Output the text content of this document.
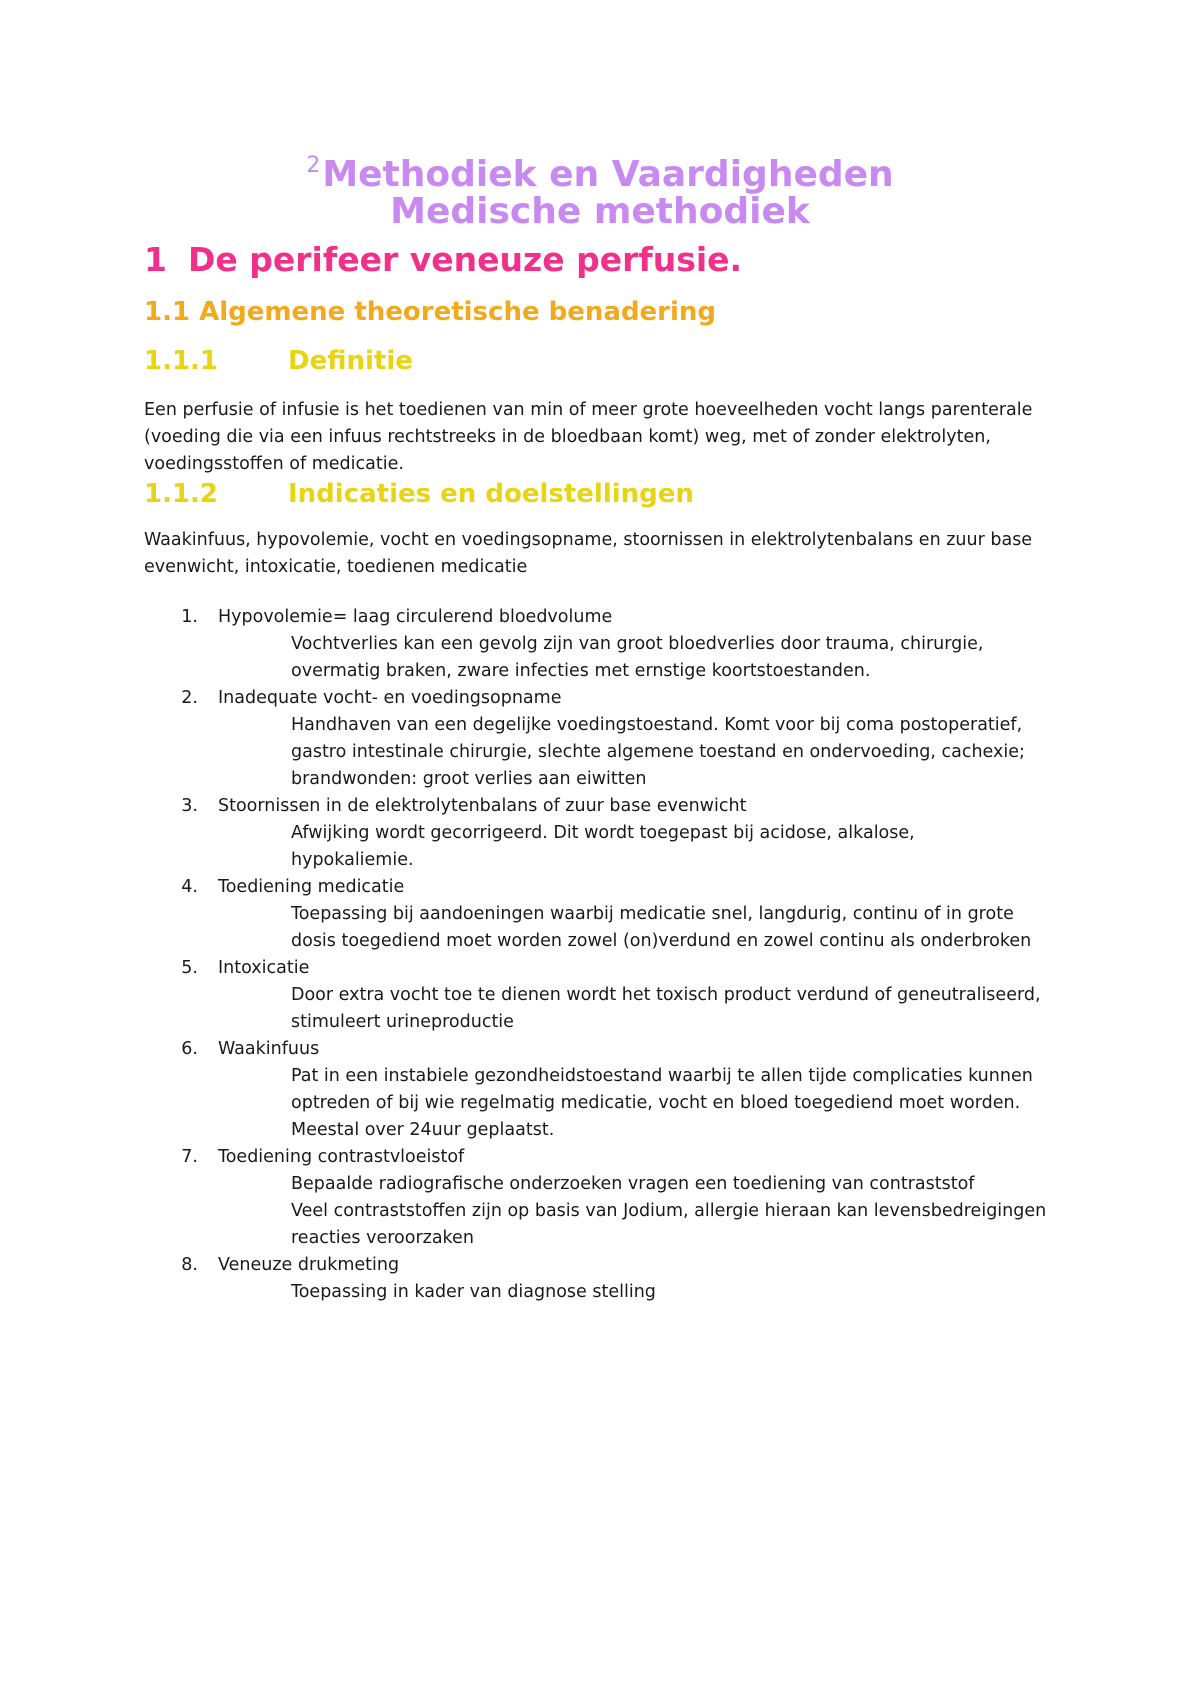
$^2$Methodiek en Vaardigheden
Medische methodiek
1 De perifeer veneuze perfusie.
1.1 Algemene theoretische benadering
1.1.1	Definitie
Een perfusie of infusie is het toedienen van min of meer grote hoeveelheden vocht langs parenterale
(voeding die via een infuus rechtstreeks in de bloedbaan komt) weg, met of zonder elektrolyten,
voedingsstoffen of medicatie.
1.1.2	Indicaties en doelstellingen
Waakinfuus, hypovolemie, vocht en voedingsopname, stoornissen in elektrolytenbalans en zuur base
evenwicht, intoxicatie, toedienen medicatie
1.	Hypovolemie= laag circulerend bloedvolume
Vochtverlies kan een gevolg zijn van groot bloedverlies door trauma, chirurgie,
overmatig braken, zware infecties met ernstige koortstoestanden.
2.	Inadequate vocht- en voedingsopname
Handhaven van een degelijke voedingstoestand. Komt voor bij coma postoperatief,
gastro intestinale chirurgie, slechte algemene toestand en ondervoeding, cachexie;
brandwonden: groot verlies aan eiwitten
3.	Stoornissen in de elektrolytenbalans of zuur base evenwicht
Afwijking wordt gecorrigeerd. Dit wordt toegepast bij acidose, alkalose,
hypokaliemie.
4.	Toediening medicatie
Toepassing bij aandoeningen waarbij medicatie snel, langdurig, continu of in grote
dosis toegediend moet worden zowel (on)verdund en zowel continu als onderbroken
5.	Intoxicatie
Door extra vocht toe te dienen wordt het toxisch product verdund of geneutraliseerd,
stimuleert urineproductie
6.	Waakinfuus
Pat in een instabiele gezondheidstoestand waarbij te allen tijde complicaties kunnen
optreden of bij wie regelmatig medicatie, vocht en bloed toegediend moet worden.
Meestal over 24uur geplaatst.
7.	Toediening contrastvloeistof
Bepaalde radiografische onderzoeken vragen een toediening van contraststof
Veel contraststoffen zijn op basis van Jodium, allergie hieraan kan levensbedreigingen
reacties veroorzaken
8.	Veneuze drukmeting
Toepassing in kader van diagnose stelling
